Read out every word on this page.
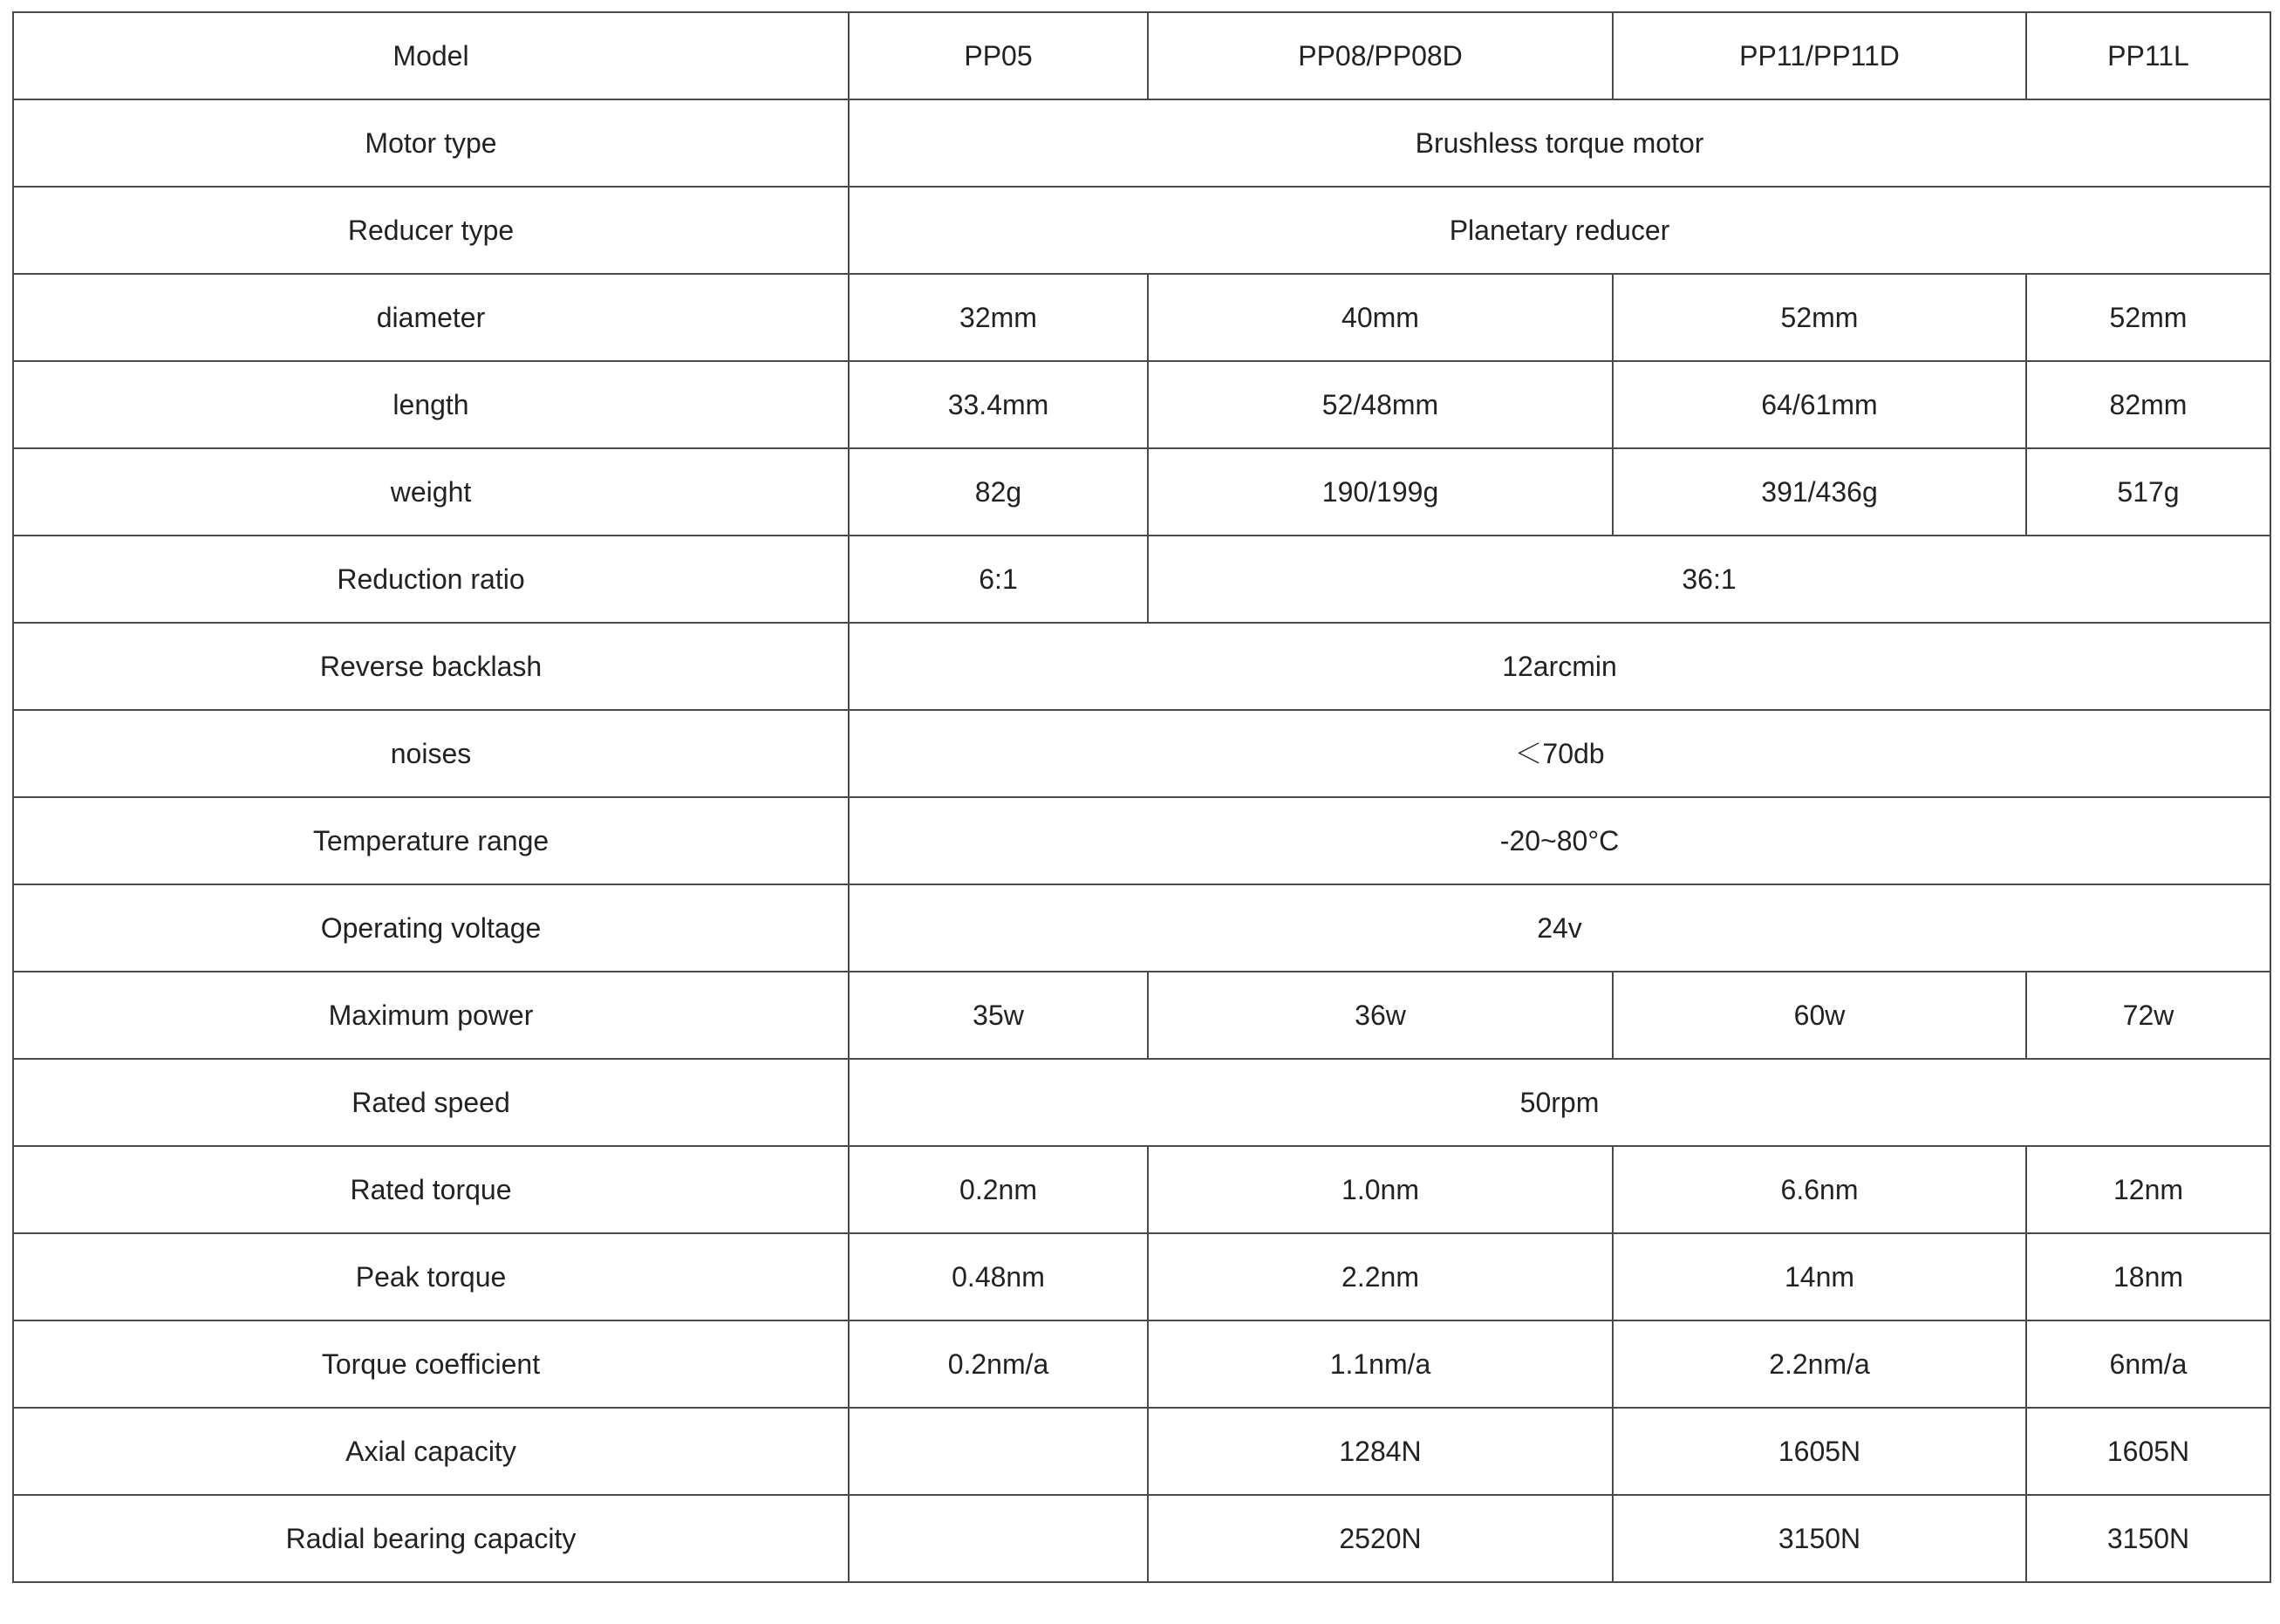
Model	PP05	PP08/PP08D	PP11/PP11D	PP11L
Motor type	Brushless torque motor			
Reducer type	Planetary reducer			
diameter	32mm	40mm	52mm	52mm
length	33.4mm	52/48mm	64/61mm	82mm
weight	82g	190/199g	391/436g	517g
Reduction ratio	6:1	36:1		
Reverse backlash	12arcmin			
noises	＜70db			
Temperature range	-20~80°C			
Operating voltage	24v			
Maximum power	35w	36w	60w	72w
Rated speed	50rpm			
Rated torque	0.2nm	1.0nm	6.6nm	12nm
Peak torque	0.48nm	2.2nm	14nm	18nm
Torque coefficient	0.2nm/a	1.1nm/a	2.2nm/a	6nm/a
Axial capacity		1284N	1605N	1605N
Radial bearing capacity		2520N	3150N	3150N
